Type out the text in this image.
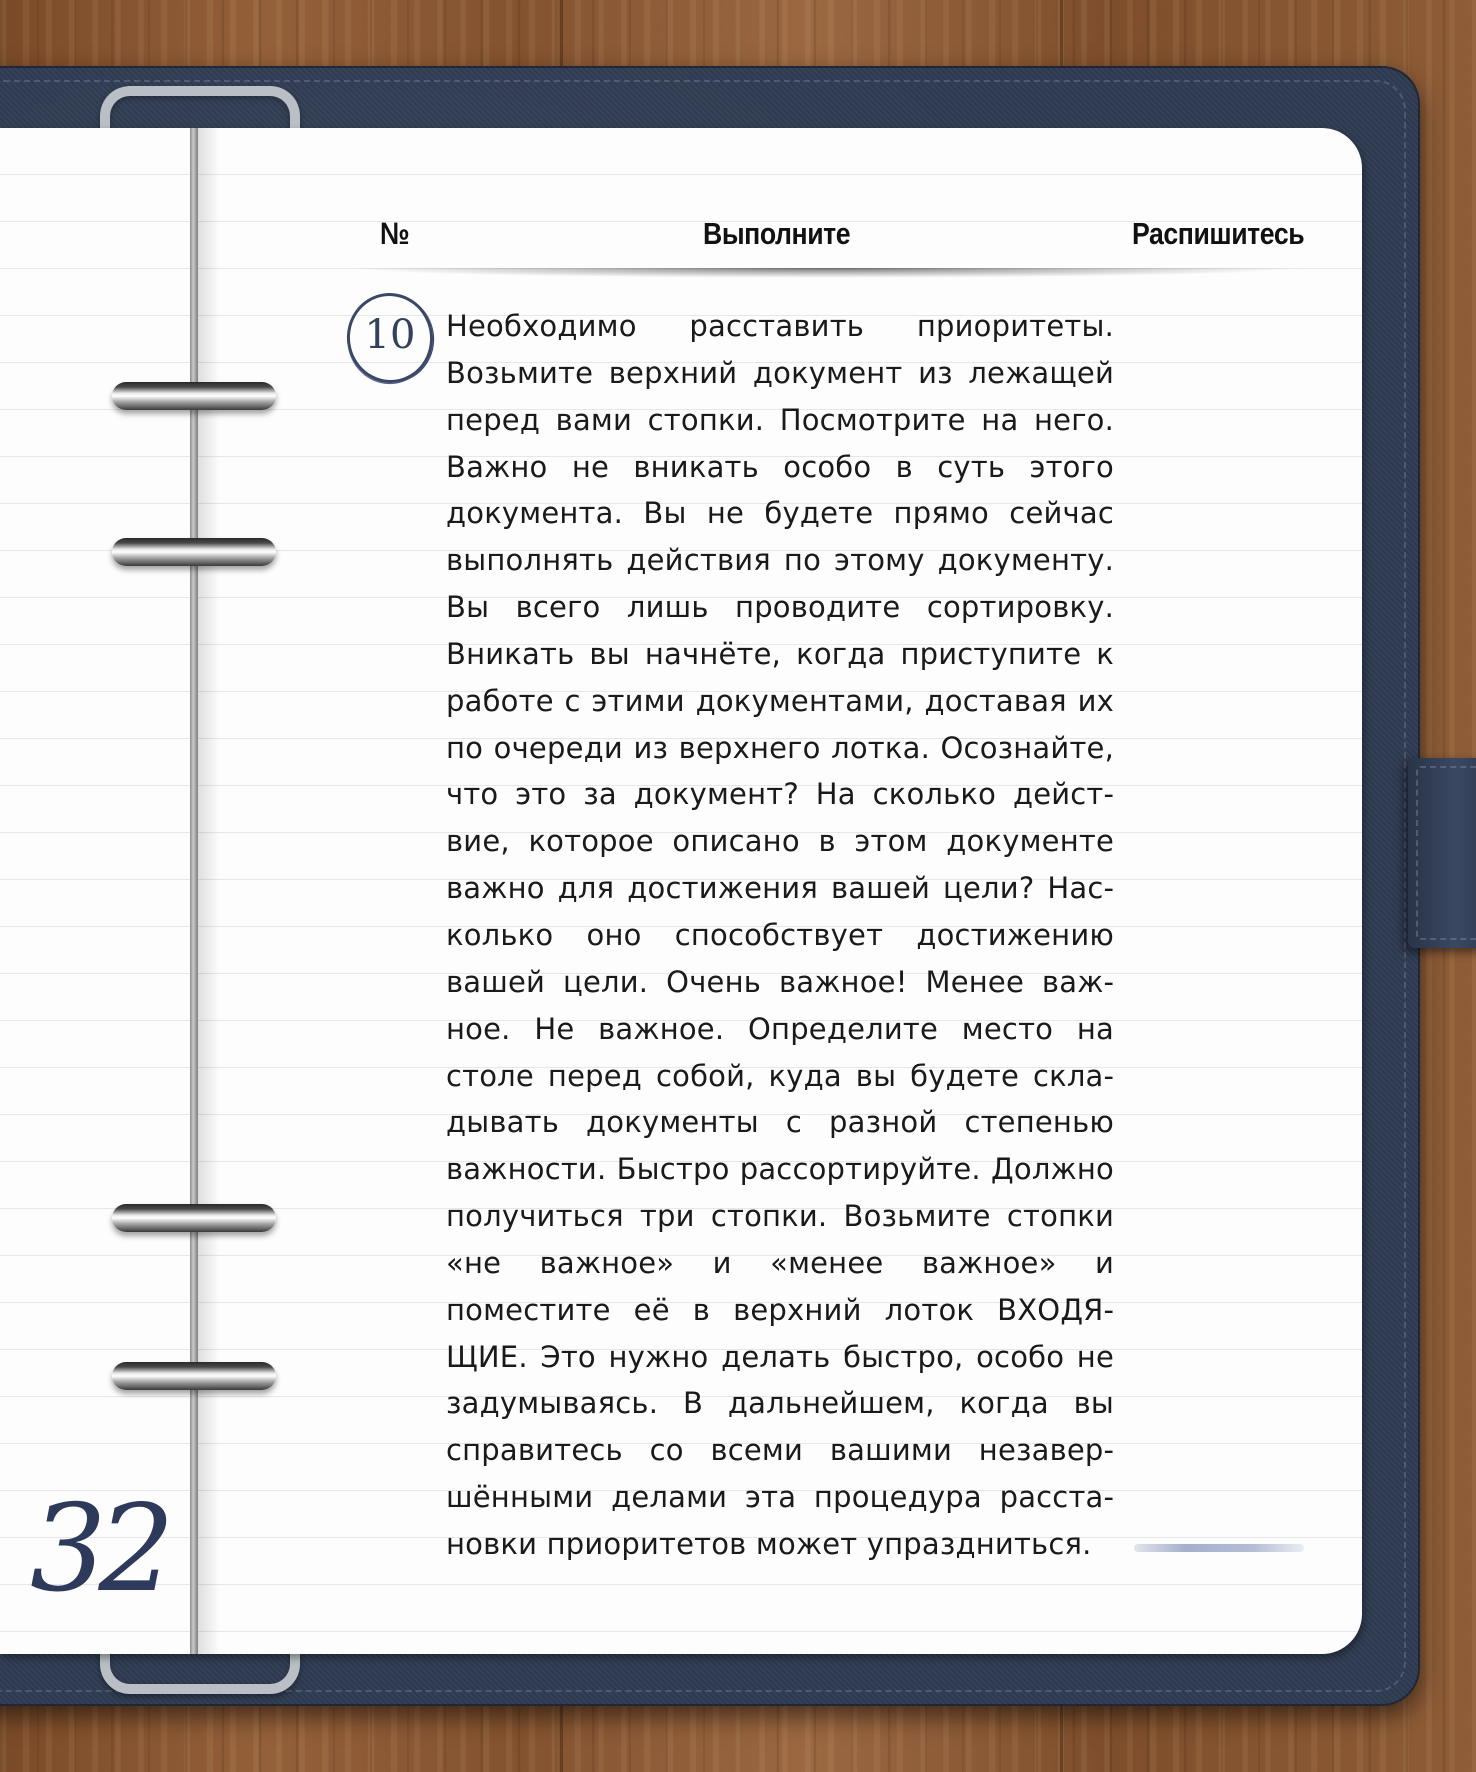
№	Выполните	Распишитесь
10	Необходимо расставить приоритеты. Возьмите верхний документ из лежащей перед вами стопки. Посмотрите на него. Важно не вникать особо в суть этого документа. Вы не будете прямо сейчас выполнять действия по этому документу. Вы всего лишь проводите сортировку. Вникать вы начнёте, когда приступите к работе с этими документами, доставая их по очереди из верхнего лотка. Осознайте, что это за документ? На сколько действие, которое описано в этом документе важно для достижения вашей цели? Насколько оно способствует достижению вашей цели. Очень важное! Менее важное. Не важное. Определите место на столе перед собой, куда вы будете складывать документы с разной степенью важности. Быстро рассортируйте. Должно получиться три стопки. Возьмите стопки «не важное» и «менее важное» и поместите её в верхний лоток ВХОДЯЩИЕ. Это нужно делать быстро, особо не задумываясь. В дальнейшем, когда вы справитесь со всеми вашими незавершёнными делами эта процедура расстановки приоритетов может упраздниться.

32
